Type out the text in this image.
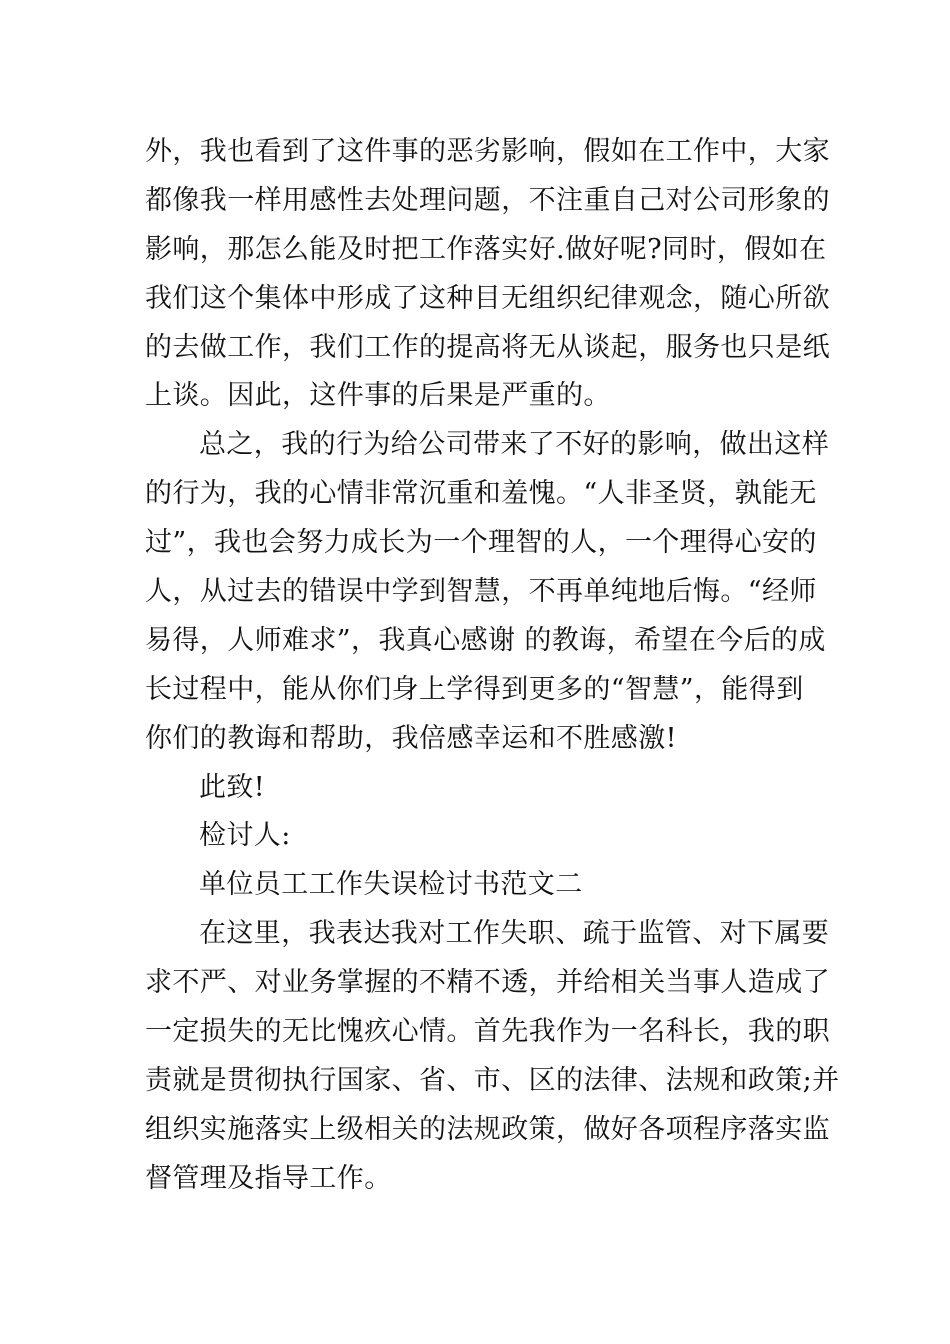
外，我也看到了这件事的恶劣影响，假如在工作中，大家
都像我一样用感性去处理问题，不注重自己对公司形象的
影响，那怎么能及时把工作落实好.做好呢?同时，假如在
我们这个集体中形成了这种目无组织纪律观念，随心所欲
的去做工作，我们工作的提高将无从谈起，服务也只是纸
上谈。因此，这件事的后果是严重的。
总之，我的行为给公司带来了不好的影响，做出这样
的行为，我的心情非常沉重和羞愧。“人非圣贤，孰能无
过”，我也会努力成长为一个理智的人，一个理得心安的
人，从过去的错误中学到智慧，不再单纯地后悔。“经师
易得，人师难求”，我真心感谢 的教诲，希望在今后的成
长过程中，能从你们身上学得到更多的“智慧”，能得到
你们的教诲和帮助，我倍感幸运和不胜感激!
此致!
检讨人:
单位员工工作失误检讨书范文二
在这里，我表达我对工作失职、疏于监管、对下属要
求不严、对业务掌握的不精不透，并给相关当事人造成了
一定损失的无比愧疚心情。首先我作为一名科长，我的职
责就是贯彻执行国家、省、市、区的法律、法规和政策;并
组织实施落实上级相关的法规政策，做好各项程序落实监
督管理及指导工作。
